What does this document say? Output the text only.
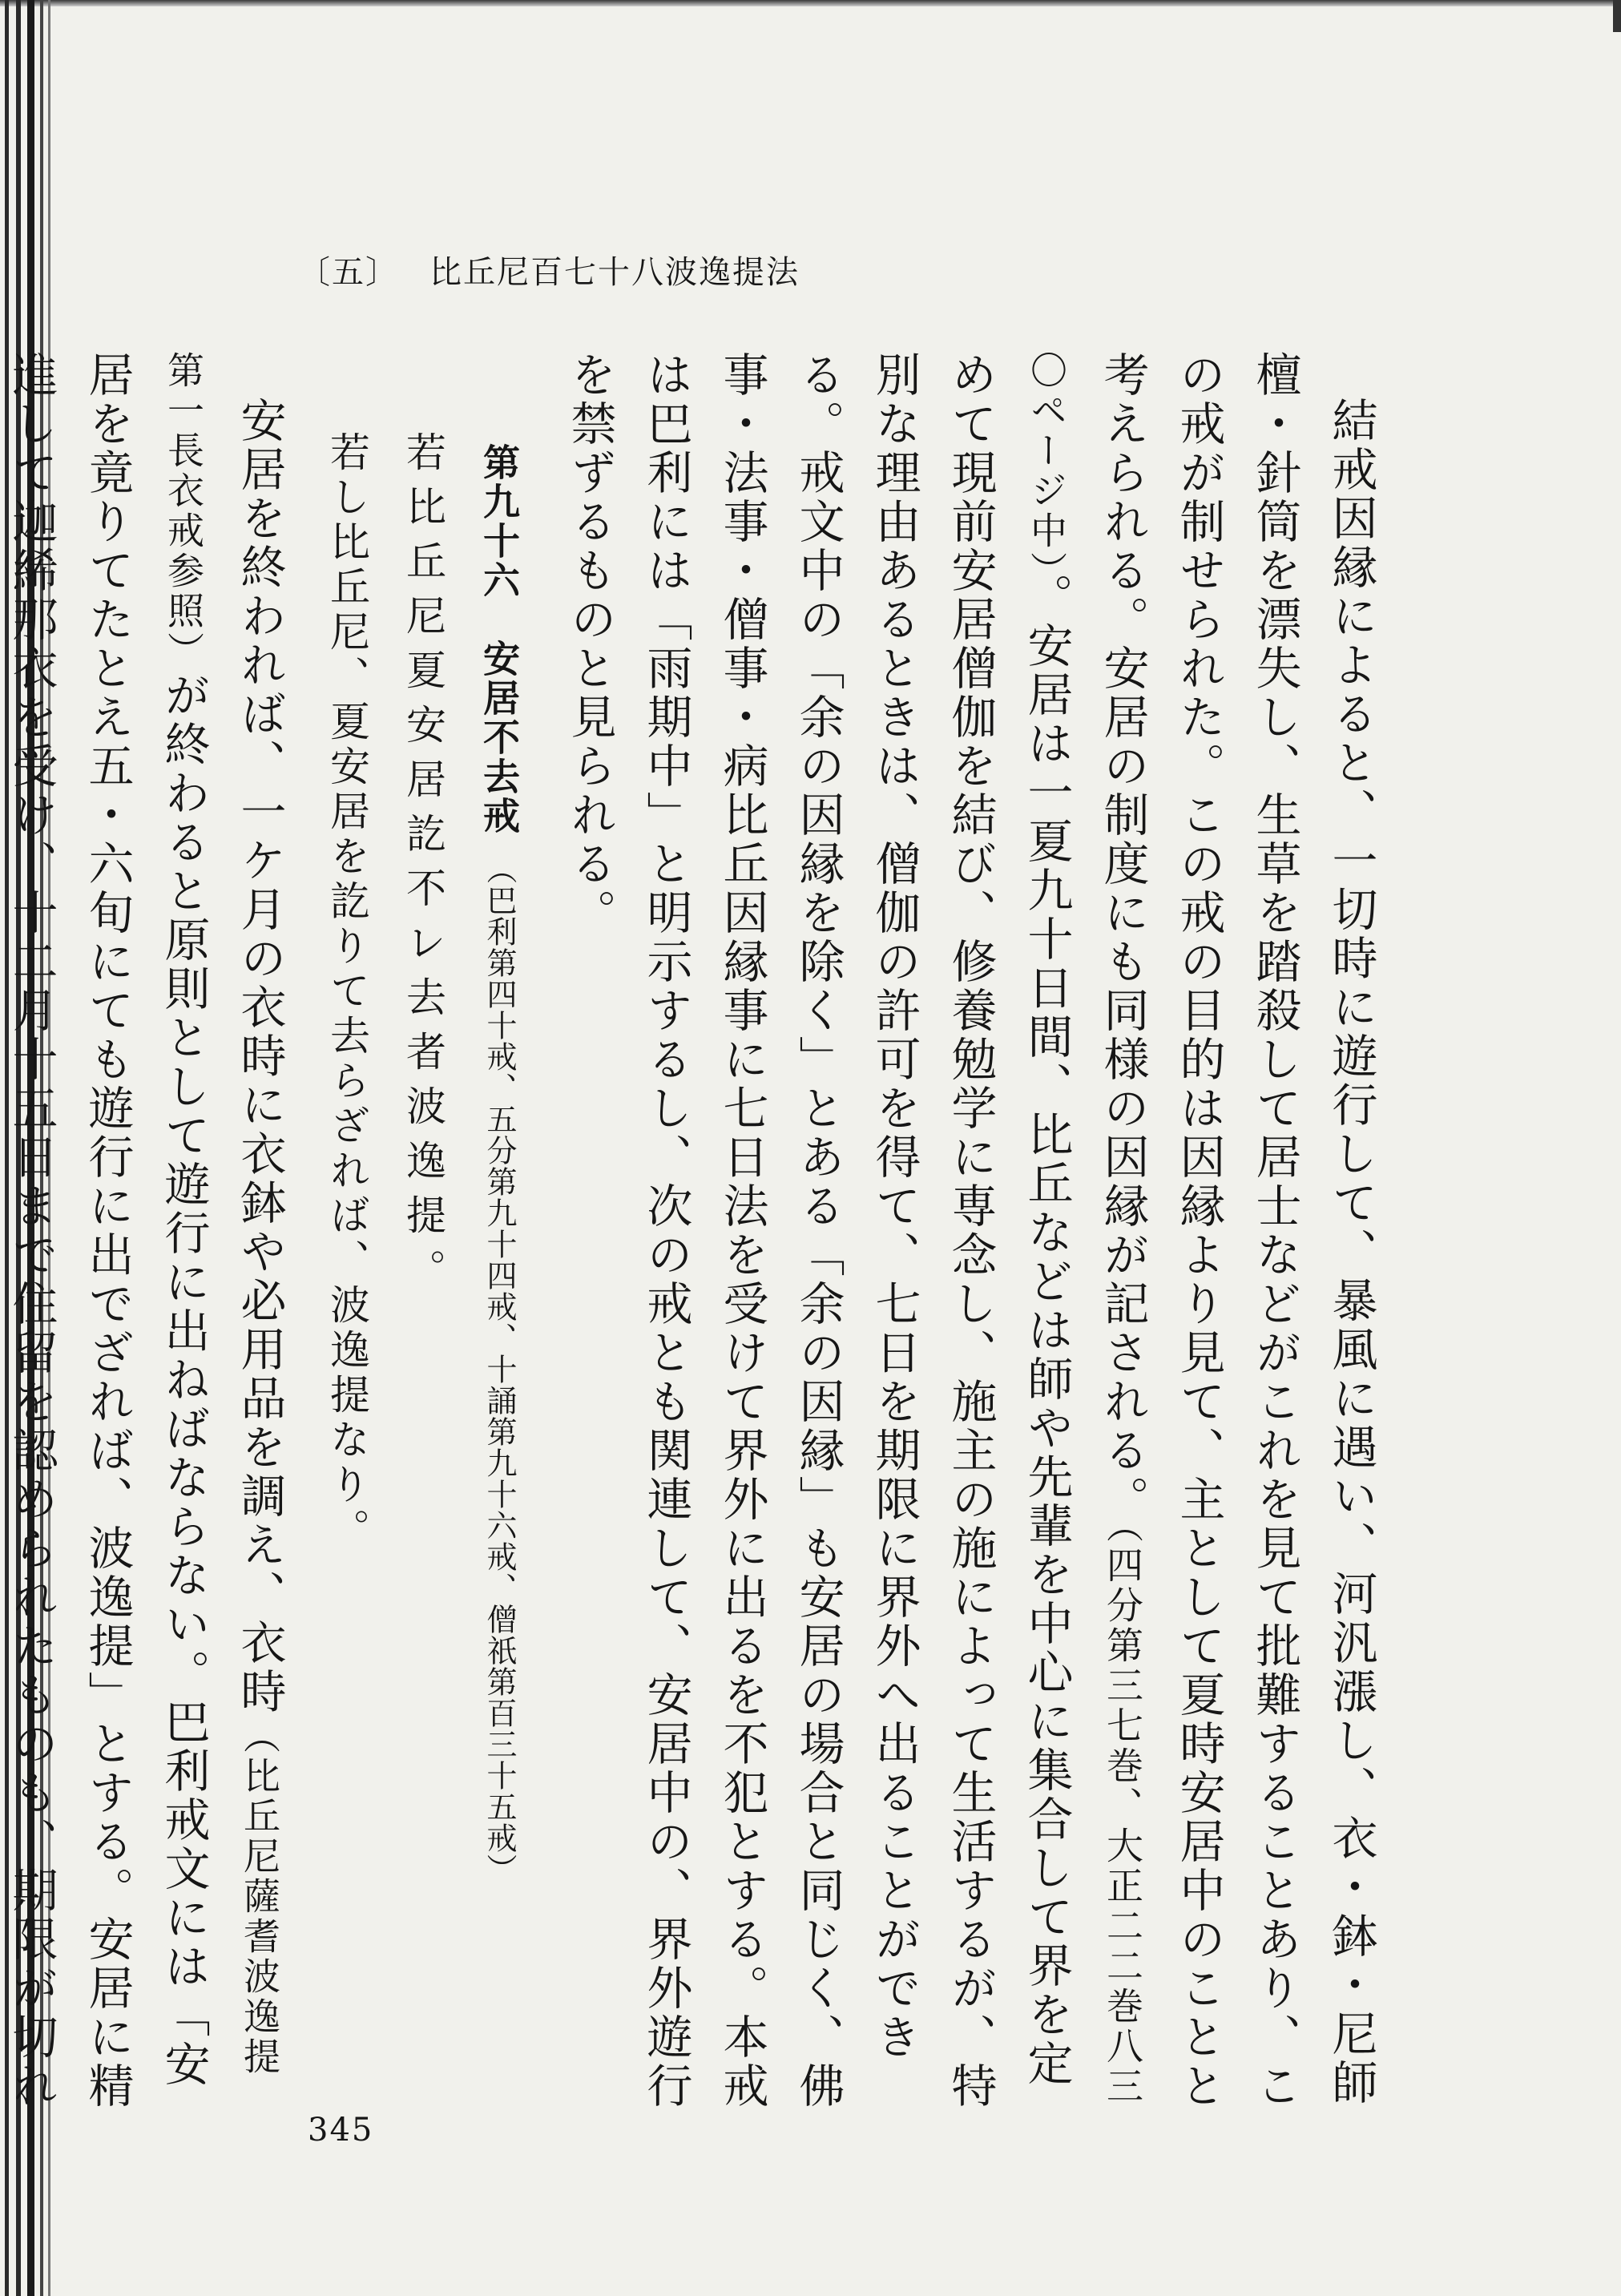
〔五〕 比丘尼百七十八波逸提法

結戒因縁によると、一切時に遊行して、暴風に遇い、河汎漲し、衣・鉢・尼師檀・針筒を漂失し、生草を踏殺して居士などがこれを見て批難することあり、この戒が制せられた。この戒の目的は因縁より見て、主として夏時安居中のことと考えられる。安居の制度にも同様の因縁が記される。（四分第三七巻、大正二二巻八三〇ページ中）。安居は一夏九十日間、比丘などは師や先輩を中心に集合して界を定めて現前安居僧伽を結び、修養勉学に専念し、施主の施によって生活するが、特別な理由あるときは、僧伽の許可を得て、七日を期限に界外へ出ることができる。戒文中の「余の因縁を除く」とある「余の因縁」も安居の場合と同じく、佛事・法事・僧事・病比丘因縁事に七日法を受けて界外に出るを不犯とする。本戒は巴利には「雨期中」と明示するし、次の戒とも関連して、安居中の、界外遊行を禁ずるものと見られる。

第九十六　安居不去戒（巴利第四十戒、五分第九十四戒、十誦第九十六戒、僧祇第百三十五戒）

若比丘尼夏安居訖不レ去者波逸提。

若し比丘尼、夏安居を訖りて去らざれば、波逸提なり。

安居を終われば、一ケ月の衣時に衣鉢や必用品を調え、衣時（比丘尼薩耆波逸提第一長衣戒参照）が終わると原則として遊行に出ねばならない。巴利戒文には「安居を竟りてたとえ五・六旬にても遊行に出でざれば、波逸提」とする。安居に精進して迦絺那衣を受け、十二月十五日まで住留を認められたものも、期限が切れ

345
